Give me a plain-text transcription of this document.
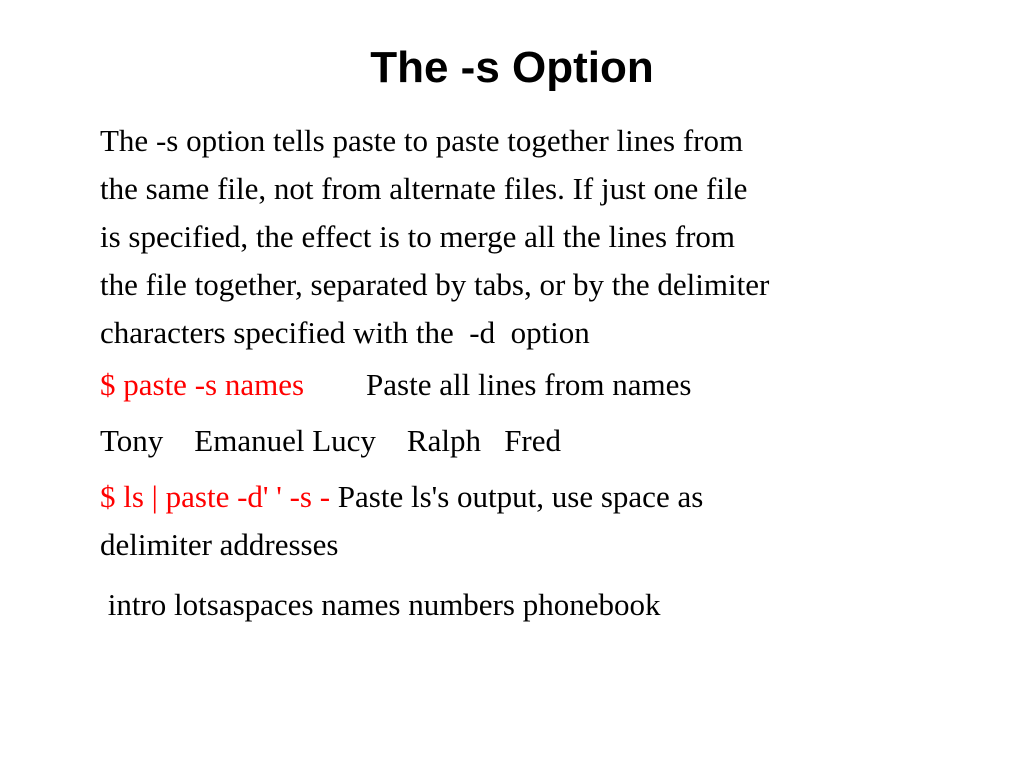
The -s Option
The -s option tells paste to paste together lines from
the same file, not from alternate files. If just one file
is specified, the effect is to merge all the lines from
the file together, separated by tabs, or by the delimiter
characters specified with the  -d  option
$ paste -s names Paste all lines from names
Tony    Emanuel Lucy    Ralph   Fred
$ ls | paste -d' ' -s - Paste ls's output, use space as
delimiter addresses
intro lotsaspaces names numbers phonebook
